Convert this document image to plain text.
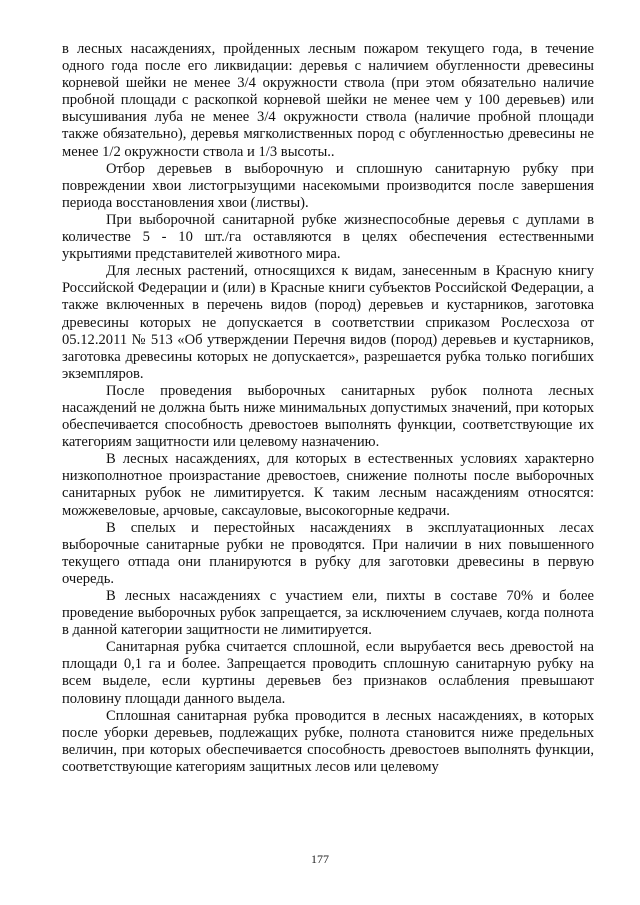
в лесных насаждениях, пройденных лесным пожаром текущего года, в течение одного года после его ликвидации: деревья с наличием обугленности древесины корневой шейки не менее 3/4 окружности ствола (при этом обязательно наличие пробной площади с раскопкой корневой шейки не менее чем у 100 деревьев) или высушивания луба не менее 3/4 окружности ствола (наличие пробной площади также обязательно), деревья мягколиственных пород с обугленностью древесины не менее 1/2 окружности ствола и 1/3 высоты..

Отбор деревьев в выборочную и сплошную санитарную рубку при повреждении хвои листогрызущими насекомыми производится после завершения периода восстановления хвои (листвы).

При выборочной санитарной рубке жизнеспособные деревья с дуплами в количестве 5 - 10 шт./га оставляются в целях обеспечения естественными укрытиями представителей животного мира.

Для лесных растений, относящихся к видам, занесенным в Красную книгу Российской Федерации и (или) в Красные книги субъектов Российской Федерации, а также включенных в перечень видов (пород) деревьев и кустарников, заготовка древесины которых не допускается в соответствии сприказом Рослесхоза от 05.12.2011 № 513 «Об утверждении Перечня видов (пород) деревьев и кустарников, заготовка древесины которых не допускается», разрешается рубка только погибших экземпляров.

После проведения выборочных санитарных рубок полнота лесных насаждений не должна быть ниже минимальных допустимых значений, при которых обеспечивается способность древостоев выполнять функции, соответствующие их категориям защитности или целевому назначению.

В лесных насаждениях, для которых в естественных условиях характерно низкополнотное произрастание древостоев, снижение полноты после выборочных санитарных рубок не лимитируется. К таким лесным насаждениям относятся: можжевеловые, арчовые, саксауловые, высокогорные кедрачи.

В спелых и перестойных насаждениях в эксплуатационных лесах выборочные санитарные рубки не проводятся. При наличии в них повышенного текущего отпада они планируются в рубку для заготовки древесины в первую очередь.

В лесных насаждениях с участием ели, пихты в составе 70% и более проведение выборочных рубок запрещается, за исключением случаев, когда полнота в данной категории защитности не лимитируется.

Санитарная рубка считается сплошной, если вырубается весь древостой на площади 0,1 га и более. Запрещается проводить сплошную санитарную рубку на всем выделе, если куртины деревьев без признаков ослабления превышают половину площади данного выдела.

Сплошная санитарная рубка проводится в лесных насаждениях, в которых после уборки деревьев, подлежащих рубке, полнота становится ниже предельных величин, при которых обеспечивается способность древостоев выполнять функции, соответствующие категориям защитных лесов или целевому

177
